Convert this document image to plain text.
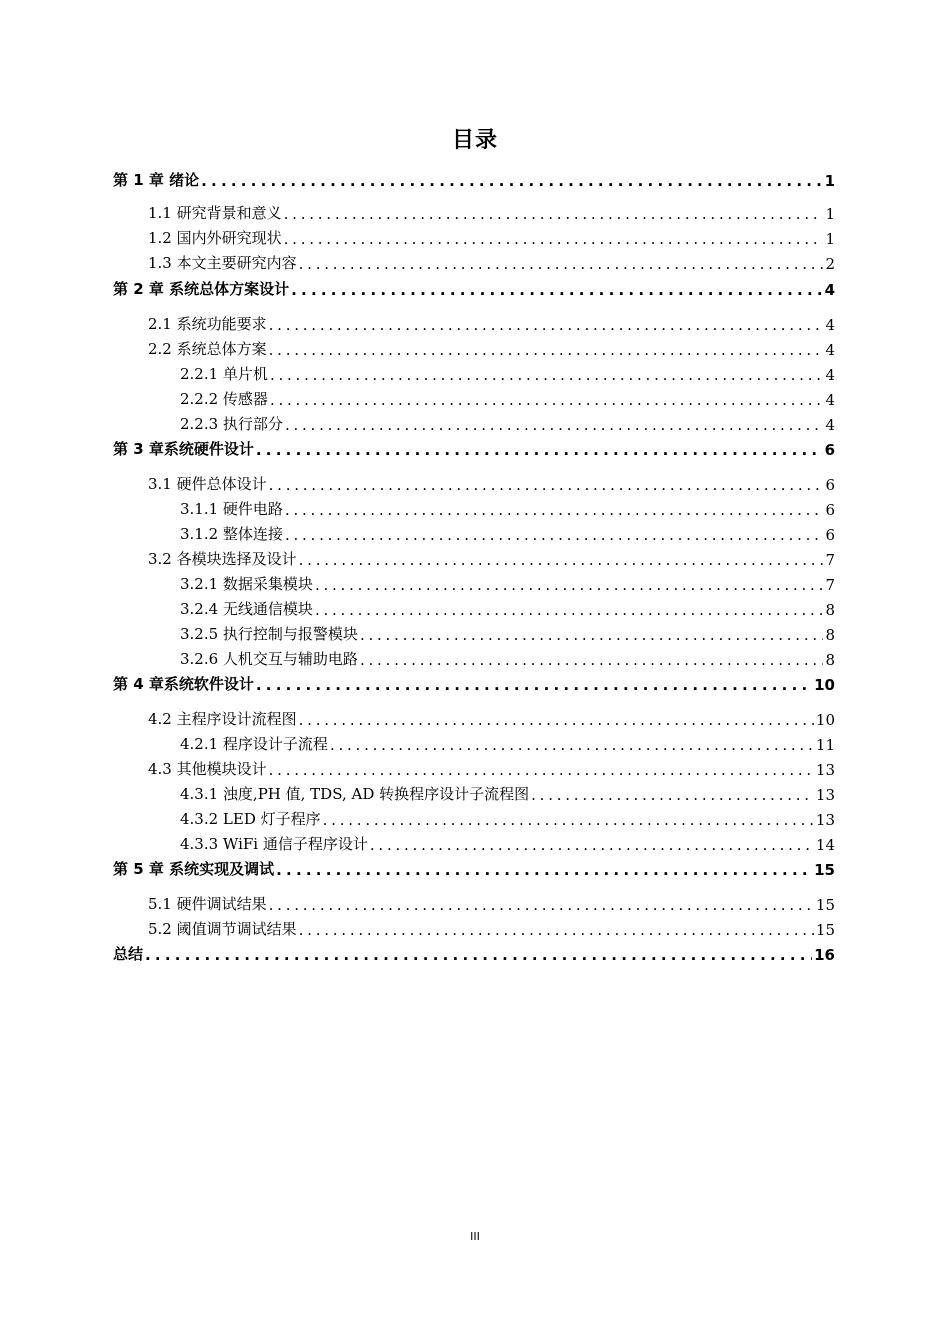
目录
第 1 章 绪论 . . .	1
1.1 研究背景和意义 . . .	1
1.2 国内外研究现状 . . .	1
1.3 本文主要研究内容 . . .	2
第 2 章 系统总体方案设计 . . .	4
2.1 系统功能要求 . . .	4
2.2 系统总体方案 . . .	4
2.2.1 单片机 . . .	4
2.2.2 传感器 . . .	4
2.2.3 执行部分 . . .	4
第 3 章系统硬件设计 . . .	6
3.1 硬件总体设计 . . .	6
3.1.1 硬件电路 . . .	6
3.1.2 整体连接 . . .	6
3.2 各模块选择及设计 . . .	7
3.2.1 数据采集模块 . . .	7
3.2.4 无线通信模块 . . .	8
3.2.5 执行控制与报警模块 . . .	8
3.2.6 人机交互与辅助电路 . . .	8
第 4 章系统软件设计 . . .	10
4.2 主程序设计流程图 . . .	10
4.2.1 程序设计子流程 . . .	11
4.3 其他模块设计 . . .	13
4.3.1 浊度,PH 值, TDS, AD 转换程序设计子流程图 . . .	13
4.3.2 LED 灯子程序 . . .	13
4.3.3 WiFi 通信子程序设计 . . .	14
第 5 章 系统实现及调试 . . .	15
5.1 硬件调试结果 . . .	15
5.2 阈值调节调试结果 . . .	15
总结 . . .	16
III
